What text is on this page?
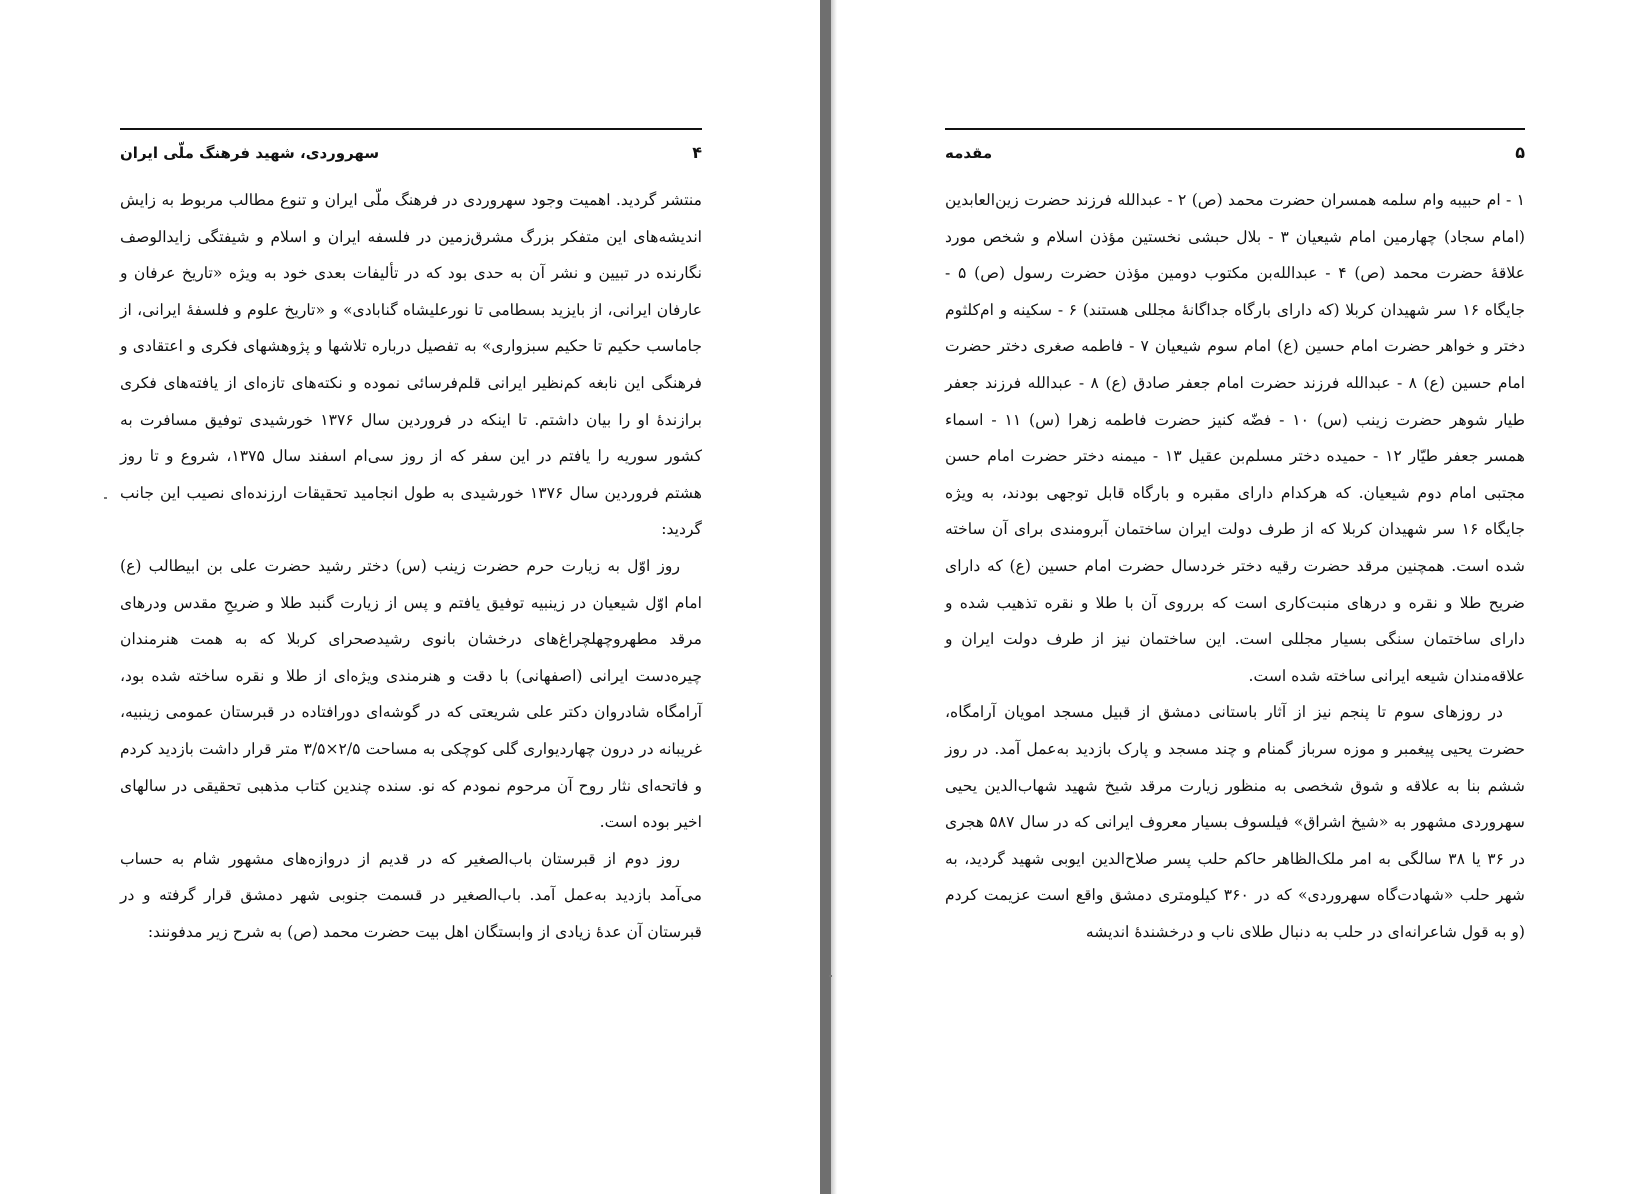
۴
سهروردی، شهید فرهنگ ملّی ایران

منتشر گردید. اهمیت وجود سهروردی در فرهنگ ملّی ایران و تنوع مطالب مربوط به زایش اندیشه‌های این متفکر بزرگ مشرق‌زمین در فلسفه ایران و اسلام و شیفتگی زایدالوصف نگارنده در تبیین و نشر آن به حدی بود که در تألیفات بعدی خود به ویژه «تاریخ عرفان و عارفان ایرانی، از بایزید بسطامی تا نورعلیشاه گنابادی» و «تاریخ علوم و فلسفهٔ ایرانی، از جاماسب حکیم تا حکیم سبزواری» به تفصیل درباره تلاشها و پژوهشهای فکری و اعتقادی و فرهنگی این نابغه کم‌نظیر ایرانی قلم‌فرسائی نموده و نکته‌های تازه‌ای از یافته‌های فکری برازندهٔ او را بیان داشتم. تا اینکه در فروردین سال ۱۳۷۶ خورشیدی توفیق مسافرت به کشور سوریه را یافتم در این سفر که از روز سی‌ام اسفند سال ۱۳۷۵، شروع و تا روز هشتم فروردین سال ۱۳۷۶ خورشیدی به طول انجامید تحقیقات ارزنده‌ای نصیب این جانب گردید:

روز اوّل به زیارت حرم حضرت زینب (س) دختر رشید حضرت علی بن ابیطالب (ع) امام اوّل شیعیان در زینبیه توفیق یافتم و پس از زیارت گنبد طلا و ضریحِ مقدس ودرهای مرقد مطهروچهلچراغ‌های درخشان بانوی رشیدصحرای کربلا که به همت هنرمندان چیره‌دست ایرانی (اصفهانی) با دقت و هنرمندی ویژه‌ای از طلا و نقره ساخته شده بود، آرامگاه شادروان دکتر علی شریعتی که در گوشه‌ای دورافتاده در قبرستان عمومی زینبیه، غریبانه در درون چهاردیواری گلی کوچکی به مساحت ۲/۵×۳/۵ متر قرار داشت بازدید کردم و فاتحه‌ای نثار روح آن مرحوم نمودم که نو. سنده چندین کتاب مذهبی تحقیقی در سالهای اخیر بوده است.

روز دوم از قبرستان باب‌الصغیر که در قدیم از دروازه‌های مشهور شام به حساب می‌آمد بازدید به‌عمل آمد. باب‌الصغیر در قسمت جنوبی شهر دمشق قرار گرفته و در قبرستان آن عدهٔ زیادی از وابستگان اهل بیت حضرت محمد (ص) به شرح زیر مدفونند:

۵
مقدمه

۱ - ام حبیبه وام سلمه همسران حضرت محمد (ص) ۲ - عبدالله فرزند حضرت زین‌العابدین (امام سجاد) چهارمین امام شیعیان ۳ - بلال حبشی نخستین مؤذن اسلام و شخص مورد علاقهٔ حضرت محمد (ص) ۴ - عبدالله‌بن مکتوب دومین مؤذن حضرت رسول (ص) ۵ - جایگاه ۱۶ سر شهیدان کربلا (که دارای بارگاه جداگانهٔ مجللی هستند) ۶ - سکینه و ام‌کلثوم دختر و خواهر حضرت امام حسین (ع) امام سوم شیعیان ۷ - فاطمه صغری دختر حضرت امام حسین (ع) ۸ - عبدالله فرزند حضرت امام جعفر صادق (ع) ۸ - عبدالله فرزند جعفر طیار شوهر حضرت زینب (س) ۱۰ - فضّه کنیز حضرت فاطمه زهرا (س) ۱۱ - اسماء همسر جعفر طیّار ۱۲ - حمیده دختر مسلم‌بن عقیل ۱۳ - میمنه دختر حضرت امام حسن مجتبی امام دوم شیعیان. که هرکدام دارای مقبره و بارگاه قابل توجهی بودند، به ویژه جایگاه ۱۶ سر شهیدان کربلا که از طرف دولت ایران ساختمان آبرومندی برای آن ساخته شده است. همچنین مرقد حضرت رقیه دختر خردسال حضرت امام حسین (ع) که دارای ضریح طلا و نقره و درهای منبت‌کاری است که برروی آن با طلا و نقره تذهیب شده و دارای ساختمان سنگی بسیار مجللی است. این ساختمان نیز از طرف دولت ایران و علاقه‌مندان شیعه ایرانی ساخته شده است.

در روزهای سوم تا پنجم نیز از آثار باستانی دمشق از قبیل مسجد امویان آرامگاه، حضرت یحیی پیغمبر و موزه سرباز گمنام و چند مسجد و پارک بازدید به‌عمل آمد. در روز ششم بنا به علاقه و شوق شخصی به منظور زیارت مرقد شیخ شهید شهاب‌الدین یحیی سهروردی مشهور به «شیخ اشراق» فیلسوف بسیار معروف ایرانی که در سال ۵۸۷ هجری در ۳۶ یا ۳۸ سالگی به امر ملک‌الظاهر حاکم حلب پسر صلاح‌الدین ایوبی شهید گردید، به شهر حلب «شهادت‌گاه سهروردی» که در ۳۶۰ کیلومتری دمشق واقع است عزیمت کردم (و به قول شاعرانه‌ای در حلب به دنبال طلای ناب و درخشندهٔ اندیشه
